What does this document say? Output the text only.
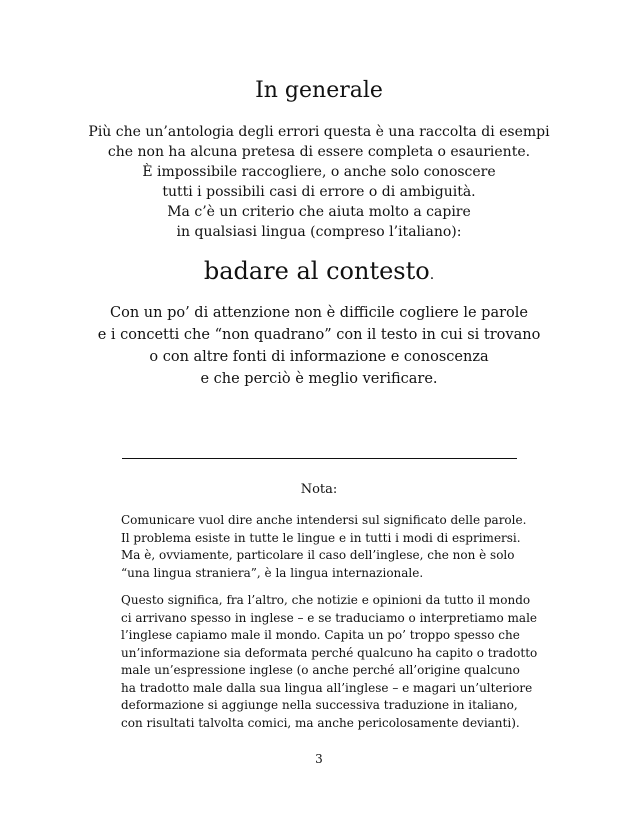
In generale
Più che un’antologia degli errori questa è una raccolta di esempi
che non ha alcuna pretesa di essere completa o esauriente.
È impossibile raccogliere, o anche solo conoscere
tutti i possibili casi di errore o di ambiguità.
Ma c’è un criterio che aiuta molto a capire
in qualsiasi lingua (compreso l’italiano):
badare al contesto.
Con un po’ di attenzione non è difficile cogliere le parole
e i concetti che “non quadrano” con il testo in cui si trovano
o con altre fonti di informazione e conoscenza
e che perciò è meglio verificare.
Nota:
Comunicare vuol dire anche intendersi sul significato delle parole.
Il problema esiste in tutte le lingue e in tutti i modi di esprimersi.
Ma è, ovviamente, particolare il caso dell’inglese, che non è solo
“una lingua straniera”, è la lingua internazionale.
Questo significa, fra l’altro, che notizie e opinioni da tutto il mondo
ci arrivano spesso in inglese – e se traduciamo o interpretiamo male
l’inglese capiamo male il mondo. Capita un po’ troppo spesso che
un’informazione sia deformata perché qualcuno ha capito o tradotto
male un’espressione inglese (o anche perché all’origine qualcuno
ha tradotto male dalla sua lingua all’inglese – e magari un’ulteriore
deformazione si aggiunge nella successiva traduzione in italiano,
con risultati talvolta comici, ma anche pericolosamente devianti).
3
